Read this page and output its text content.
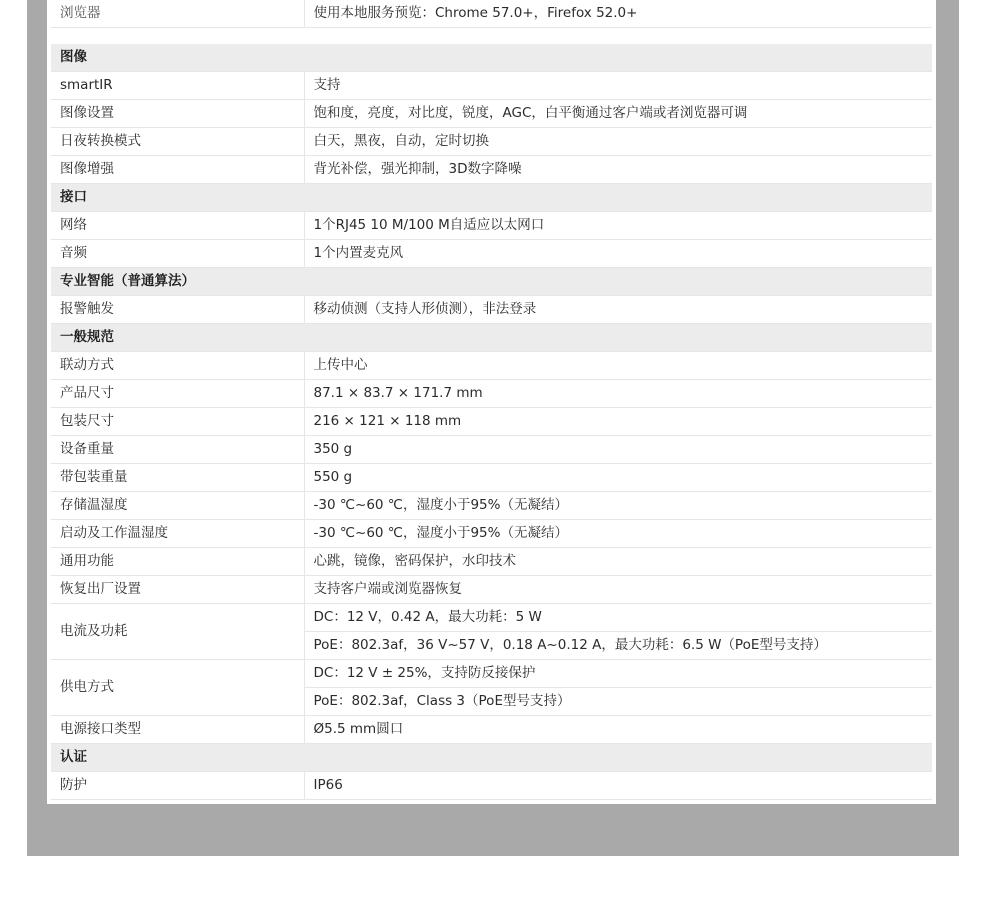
浏览器	使用本地服务预览：Chrome 57.0+，Firefox 52.0+

图像	
smartIR	支持
图像设置	饱和度，亮度，对比度，锐度，AGC，白平衡通过客户端或者浏览器可调
日夜转换模式	白天，黑夜，自动，定时切换
图像增强	背光补偿，强光抑制，3D数字降噪
接口	
网络	1个RJ45 10 M/100 M自适应以太网口
音频	1个内置麦克风
专业智能（普通算法）	
报警触发	移动侦测（支持人形侦测），非法登录
一般规范	
联动方式	上传中心
产品尺寸	87.1 × 83.7 × 171.7 mm
包装尺寸	216 × 121 × 118 mm
设备重量	350 g
带包装重量	550 g
存储温湿度	-30 ℃~60 ℃，湿度小于95%（无凝结）
启动及工作温湿度	-30 ℃~60 ℃，湿度小于95%（无凝结）
通用功能	心跳，镜像，密码保护，水印技术
恢复出厂设置	支持客户端或浏览器恢复
电流及功耗	DC：12 V，0.42 A，最大功耗：5 W
PoE：802.3af，36 V~57 V，0.18 A~0.12 A，最大功耗：6.5 W（PoE型号支持）

供电方式	DC：12 V ± 25%，支持防反接保护
PoE：802.3af，Class 3（PoE型号支持）

电源接口类型	Ø5.5 mm圆口
认证	
防护	IP66
